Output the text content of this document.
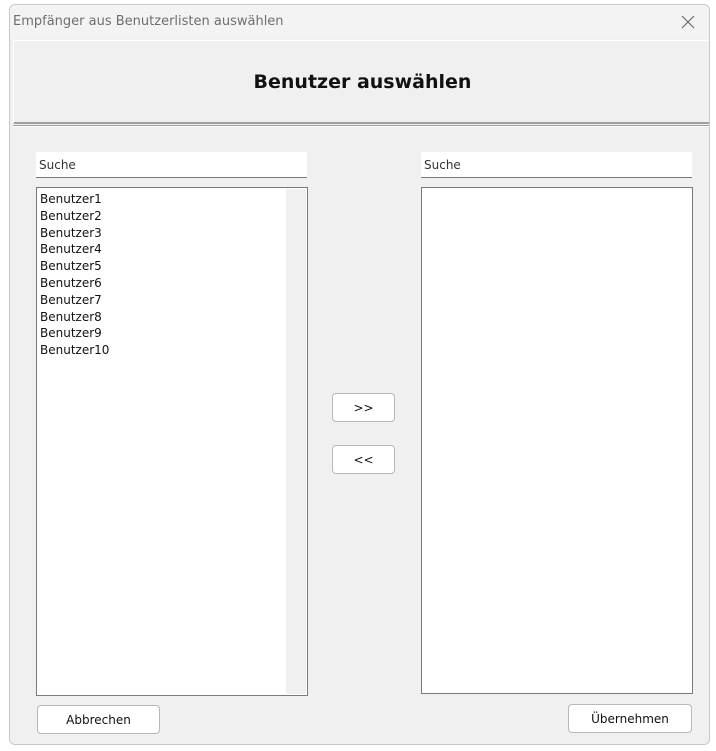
Empfänger aus Benutzerlisten auswählen
Benutzer auswählen
Suche
Benutzer1
Benutzer2
Benutzer3
Benutzer4
Benutzer5
Benutzer6
Benutzer7
Benutzer8
Benutzer9
Benutzer10
>>
<<
Suche
Abbrechen	Übernehmen
